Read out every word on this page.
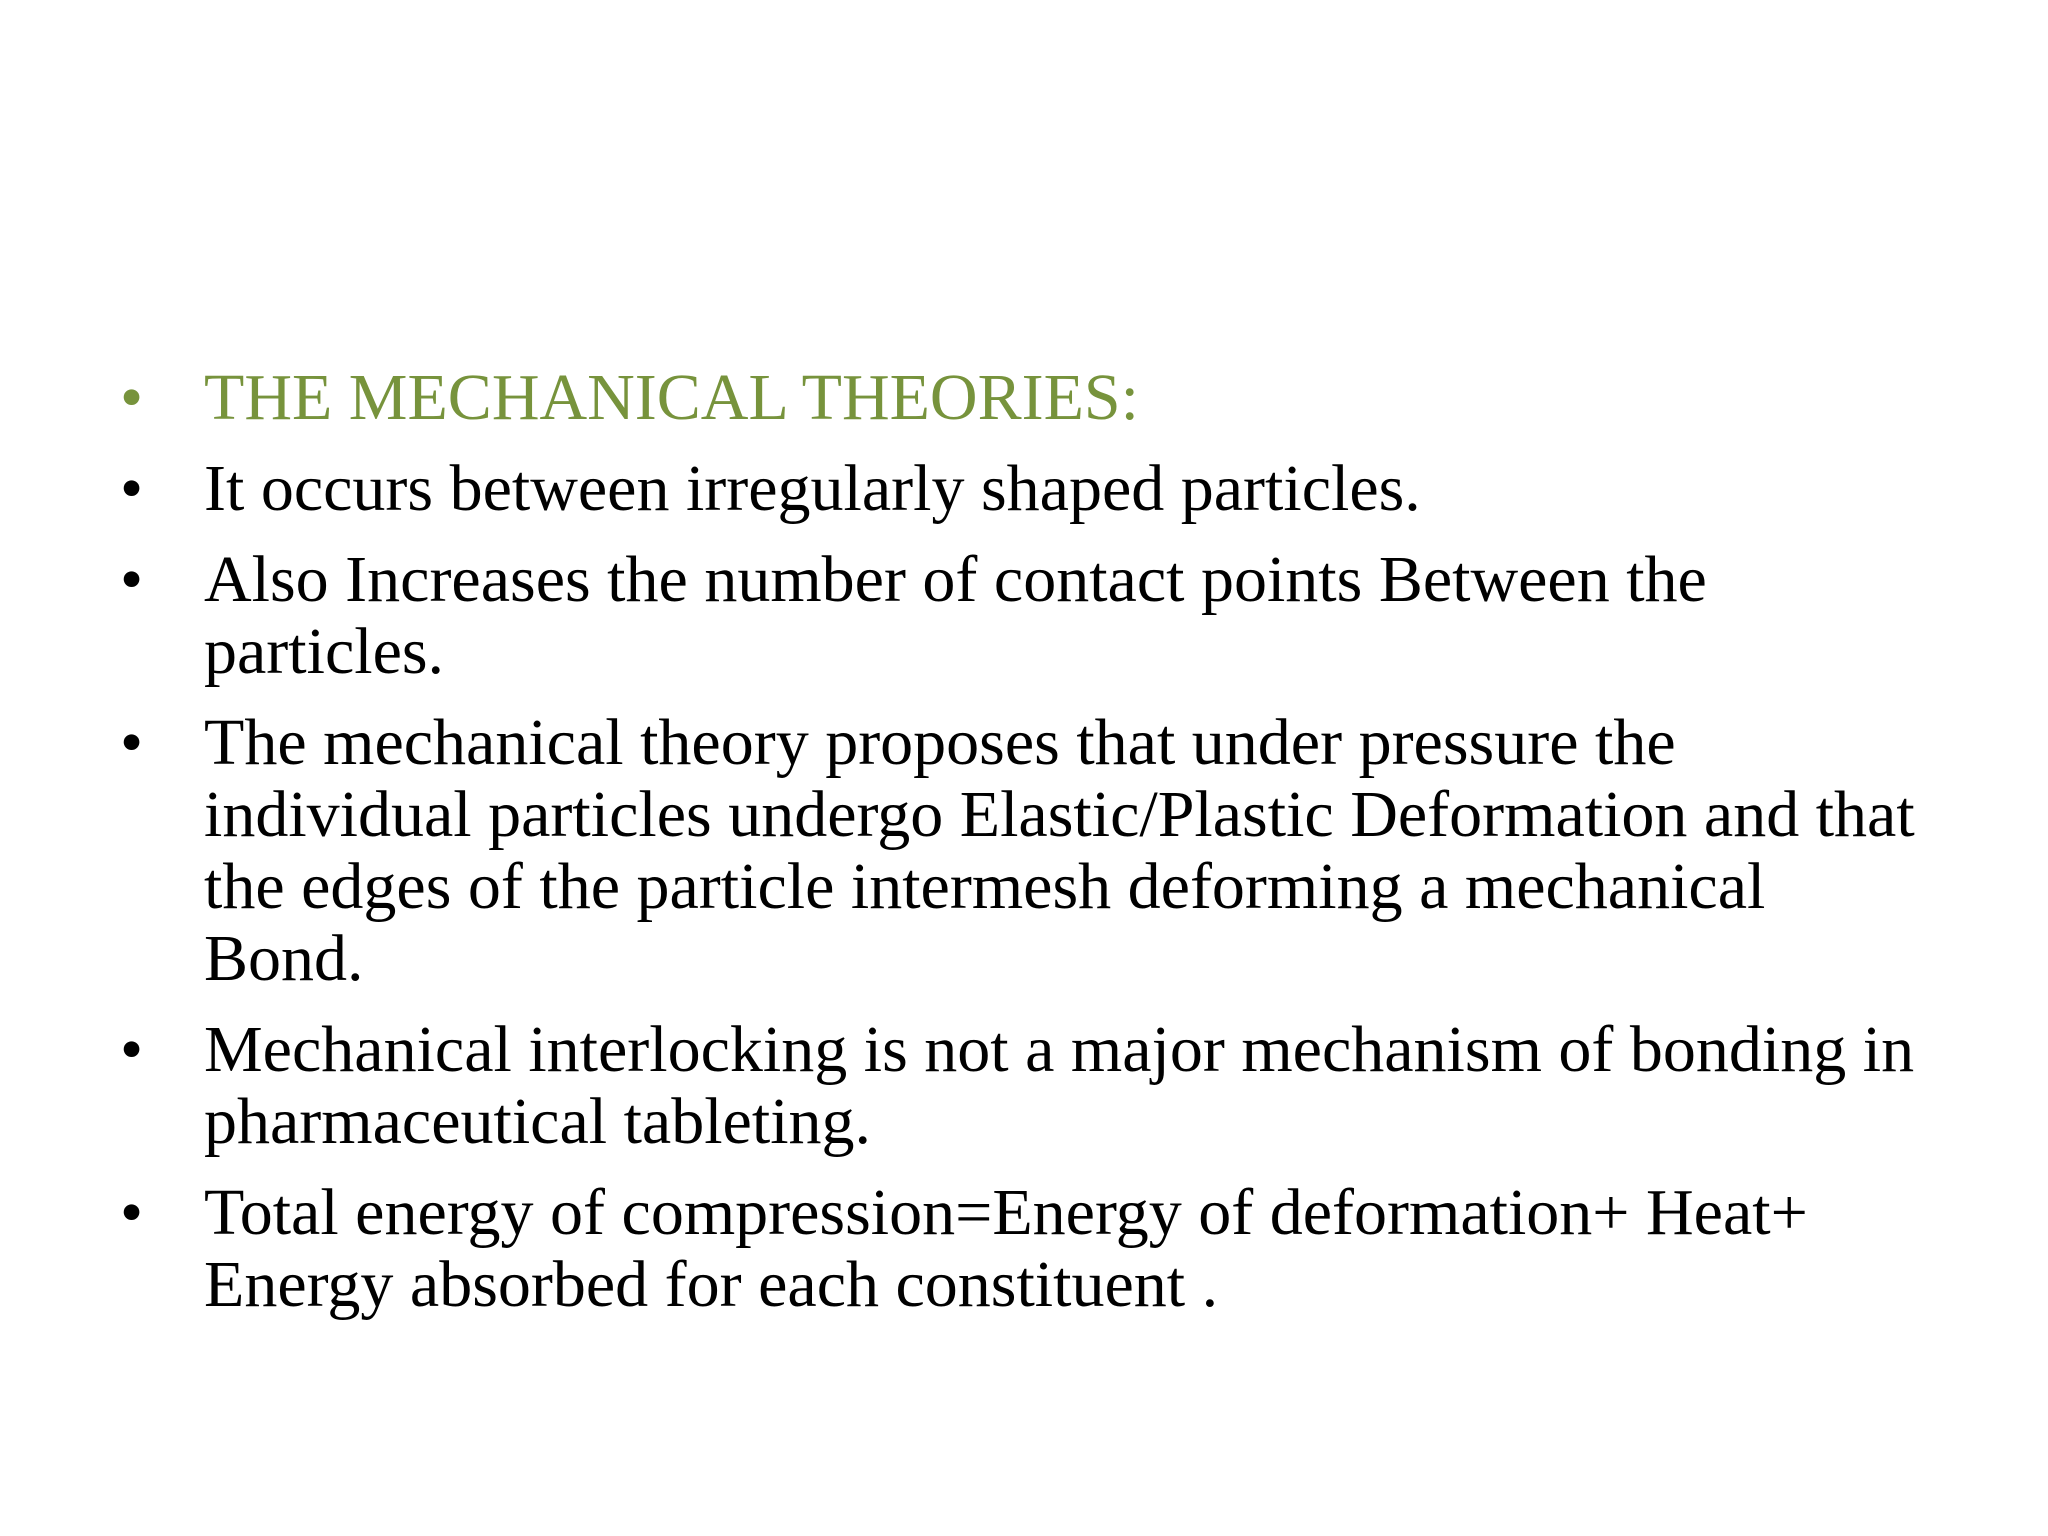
• THE MECHANICAL THEORIES:
• It occurs between irregularly shaped particles.
• Also Increases the number of contact points Between the particles.
• The mechanical theory proposes that under pressure the individual particles undergo Elastic/Plastic Deformation and that the edges of the particle intermesh deforming a mechanical Bond.
• Mechanical interlocking is not a major mechanism of bonding in pharmaceutical tableting.
• Total energy of compression=Energy of deformation+ Heat+ Energy absorbed for each constituent .
